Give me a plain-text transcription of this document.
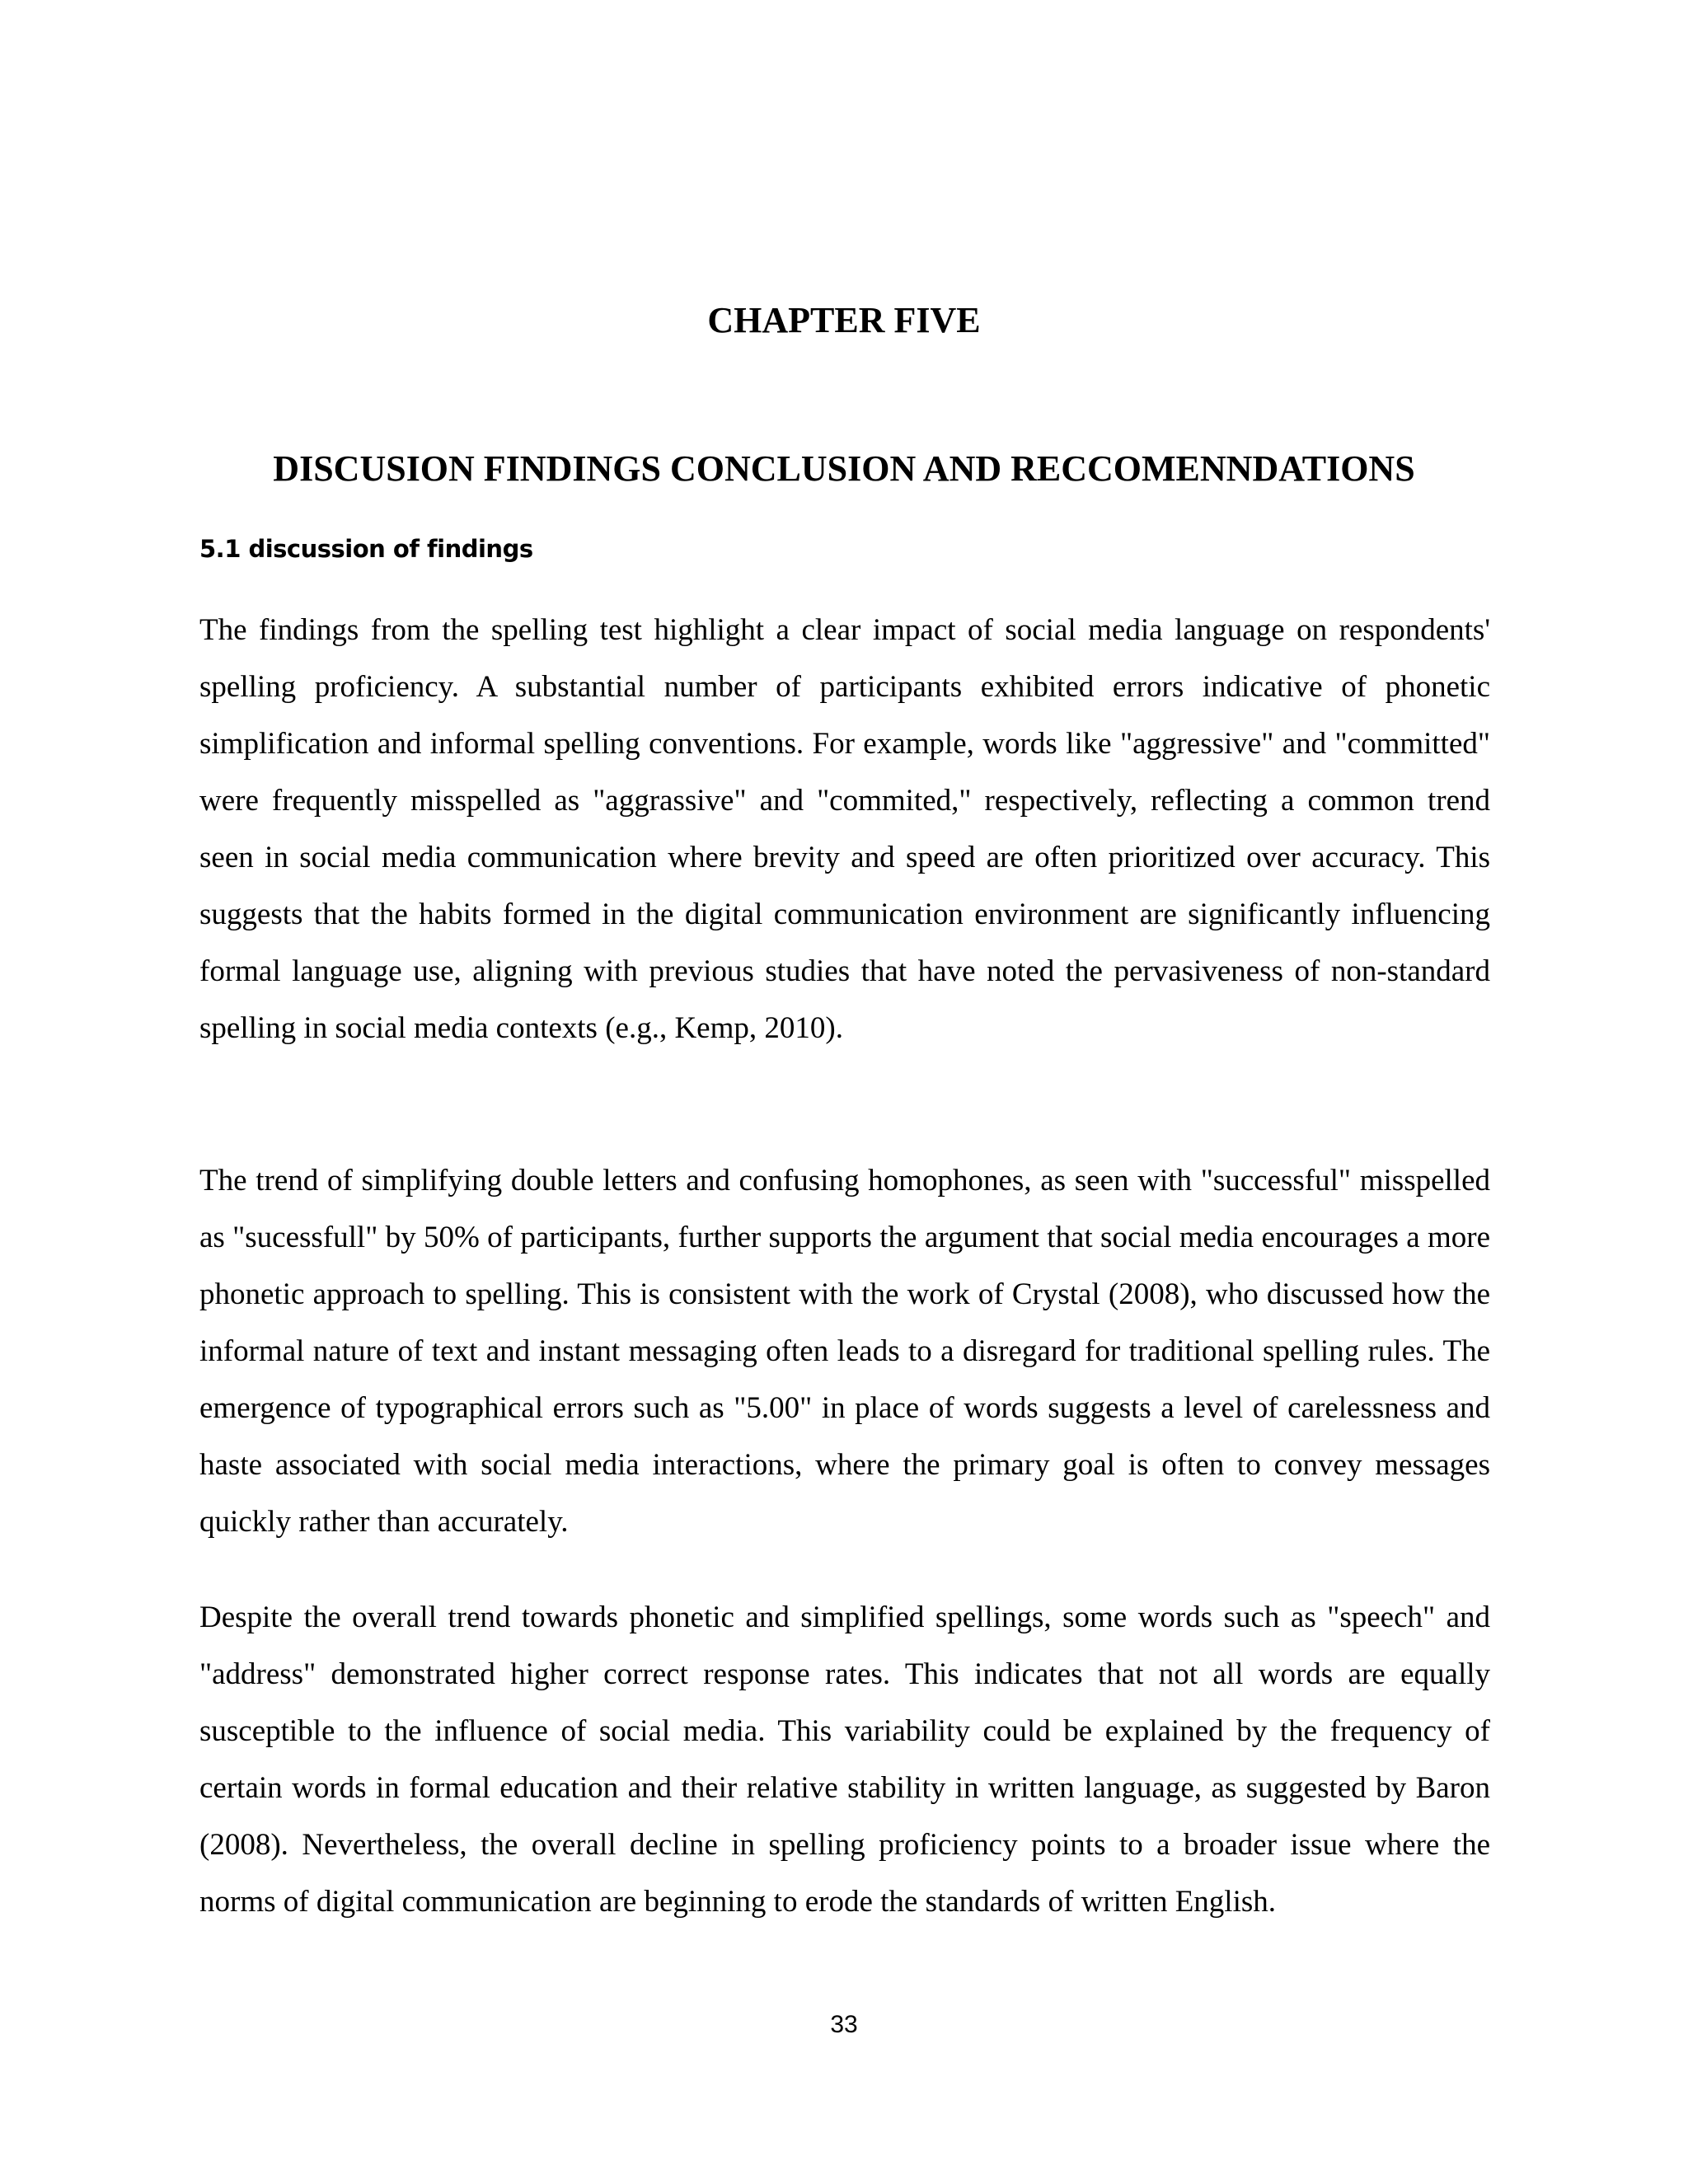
CHAPTER FIVE
DISCUSION FINDINGS CONCLUSION AND RECCOMENNDATIONS
5.1 discussion of findings

The findings from the spelling test highlight a clear impact of social media language on respondents' spelling proficiency. A substantial number of participants exhibited errors indicative of phonetic simplification and informal spelling conventions. For example, words like "aggressive" and "committed" were frequently misspelled as "aggrassive" and "commited," respectively, reflecting a common trend seen in social media communication where brevity and speed are often prioritized over accuracy. This suggests that the habits formed in the digital communication environment are significantly influencing formal language use, aligning with previous studies that have noted the pervasiveness of non-standard spelling in social media contexts (e.g., Kemp, 2010).

The trend of simplifying double letters and confusing homophones, as seen with "successful" misspelled as "sucessfull" by 50% of participants, further supports the argument that social media encourages a more phonetic approach to spelling. This is consistent with the work of Crystal (2008), who discussed how the informal nature of text and instant messaging often leads to a disregard for traditional spelling rules. The emergence of typographical errors such as "5.00" in place of words suggests a level of carelessness and haste associated with social media interactions, where the primary goal is often to convey messages quickly rather than accurately.

Despite the overall trend towards phonetic and simplified spellings, some words such as "speech" and "address" demonstrated higher correct response rates. This indicates that not all words are equally susceptible to the influence of social media. This variability could be explained by the frequency of certain words in formal education and their relative stability in written language, as suggested by Baron (2008). Nevertheless, the overall decline in spelling proficiency points to a broader issue where the norms of digital communication are beginning to erode the standards of written English.

33
